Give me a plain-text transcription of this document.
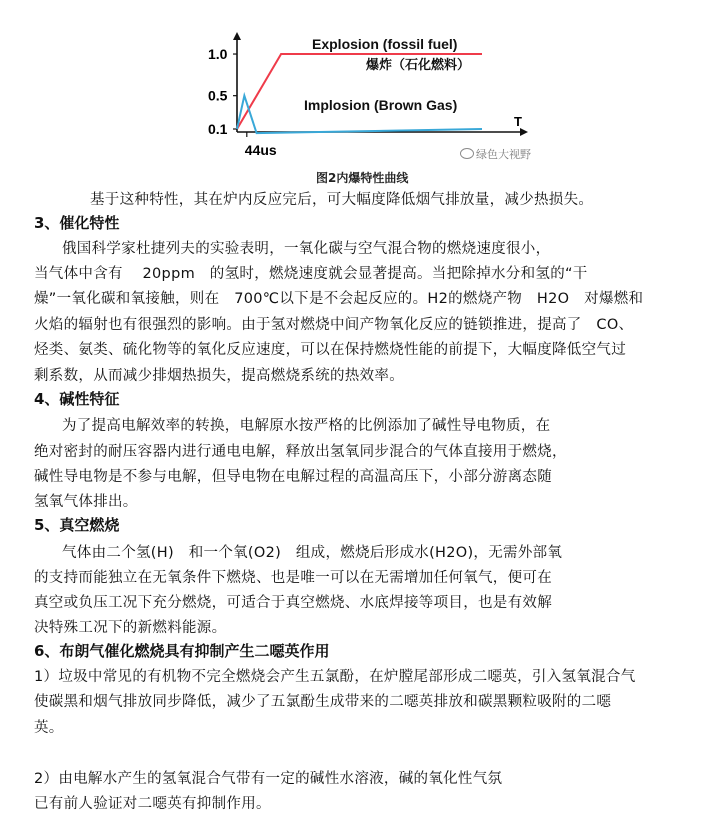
T
1.0
0.5
0.1
44us
Explosion (fossil fuel)
爆炸（石化燃料）
Implosion (Brown Gas)
图2内爆特性曲线
绿色大视野
基于这种特性，其在炉内反应完后，可大幅度降低烟气排放量，减少热损失。
3、催化特性
俄国科学家杜捷列夫的实验表明，一氧化碳与空气混合物的燃烧速度很小，
当气体中含有　 20ppm　的氢时，燃烧速度就会显著提高。当把除掉水分和氢的“干
燥”一氧化碳和氧接触，则在　700℃以下是不会起反应的。H2的燃烧产物　H2O　对爆燃和
火焰的辐射也有很强烈的影响。由于氢对燃烧中间产物氧化反应的链锁推进，提高了　CO、
烃类、氨类、硫化物等的氧化反应速度，可以在保持燃烧性能的前提下，大幅度降低空气过
剩系数，从而减少排烟热损失，提高燃烧系统的热效率。
4、碱性特征
为了提高电解效率的转换，电解原水按严格的比例添加了碱性导电物质，在
绝对密封的耐压容器内进行通电电解，释放出氢氧同步混合的气体直接用于燃烧，
碱性导电物是不参与电解，但导电物在电解过程的高温高压下，小部分游离态随
氢氧气体排出。
5、真空燃烧
气体由二个氢(H)　和一个氧(O2)　组成，燃烧后形成水(H2O)，无需外部氧
的支持而能独立在无氧条件下燃烧、也是唯一可以在无需增加任何氧气，便可在
真空或负压工况下充分燃烧，可适合于真空燃烧、水底焊接等项目，也是有效解
决特殊工况下的新燃料能源。
6、布朗气催化燃烧具有抑制产生二噁英作用
1）垃圾中常见的有机物不完全燃烧会产生五氯酚，在炉膛尾部形成二噁英，引入氢氧混合气
使碳黑和烟气排放同步降低，减少了五氯酚生成带来的二噁英排放和碳黑颗粒吸附的二噁
英。
2）由电解水产生的氢氧混合气带有一定的碱性水溶液，碱的氧化性气氛
已有前人验证对二噁英有抑制作用。
